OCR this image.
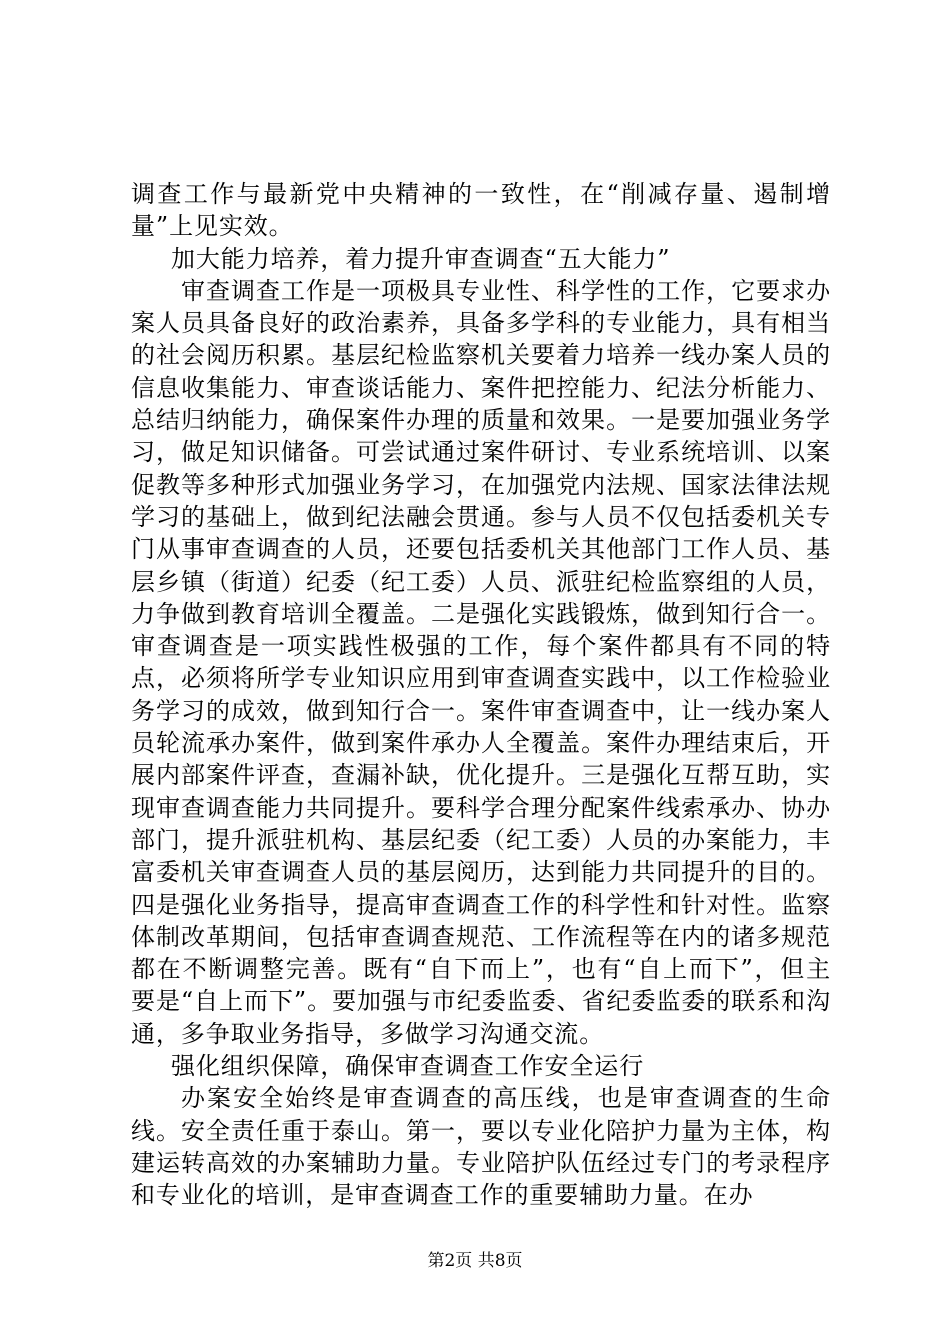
调查工作与最新党中央精神的一致性，在“削减存量、遏制增量”上见实效。

加大能力培养，着力提升审查调查“五大能力”

审查调查工作是一项极具专业性、科学性的工作，它要求办案人员具备良好的政治素养，具备多学科的专业能力，具有相当的社会阅历积累。基层纪检监察机关要着力培养一线办案人员的信息收集能力、审查谈话能力、案件把控能力、纪法分析能力、总结归纳能力，确保案件办理的质量和效果。一是要加强业务学习，做足知识储备。可尝试通过案件研讨、专业系统培训、以案促教等多种形式加强业务学习，在加强党内法规、国家法律法规学习的基础上，做到纪法融会贯通。参与人员不仅包括委机关专门从事审查调查的人员，还要包括委机关其他部门工作人员、基层乡镇（街道）纪委（纪工委）人员、派驻纪检监察组的人员，力争做到教育培训全覆盖。二是强化实践锻炼，做到知行合一。审查调查是一项实践性极强的工作，每个案件都具有不同的特点，必须将所学专业知识应用到审查调查实践中，以工作检验业务学习的成效，做到知行合一。案件审查调查中，让一线办案人员轮流承办案件，做到案件承办人全覆盖。案件办理结束后，开展内部案件评查，查漏补缺，优化提升。三是强化互帮互助，实现审查调查能力共同提升。要科学合理分配案件线索承办、协办部门，提升派驻机构、基层纪委（纪工委）人员的办案能力，丰富委机关审查调查人员的基层阅历，达到能力共同提升的目的。四是强化业务指导，提高审查调查工作的科学性和针对性。监察体制改革期间，包括审查调查规范、工作流程等在内的诸多规范都在不断调整完善。既有“自下而上”，也有“自上而下”，但主要是“自上而下”。要加强与市纪委监委、省纪委监委的联系和沟通，多争取业务指导，多做学习沟通交流。

强化组织保障，确保审查调查工作安全运行

办案安全始终是审查调查的高压线，也是审查调查的生命线。安全责任重于泰山。第一，要以专业化陪护力量为主体，构建运转高效的办案辅助力量。专业陪护队伍经过专门的考录程序和专业化的培训，是审查调查工作的重要辅助力量。在办

第2页 共8页
